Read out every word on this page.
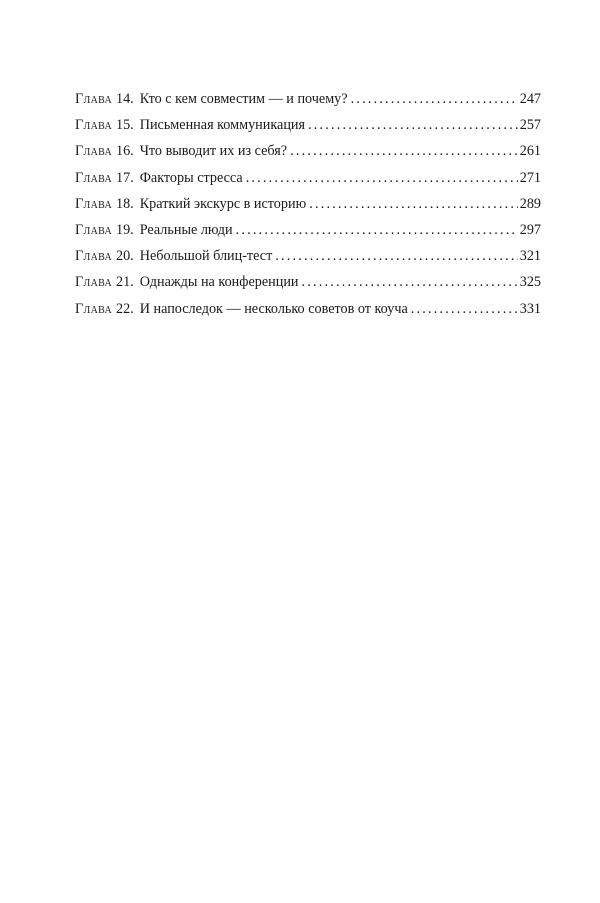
Глава 14. Кто с кем совместим — и почему? .....	247
Глава 15. Письменная коммуникация .....	257
Глава 16. Что выводит их из себя? .....	261
Глава 17. Факторы стресса .....	271
Глава 18. Краткий экскурс в историю .....	289
Глава 19. Реальные люди .....	297
Глава 20. Небольшой блиц-тест .....	321
Глава 21. Однажды на конференции .....	325
Глава 22. И напоследок — несколько советов от коуча .....	331
